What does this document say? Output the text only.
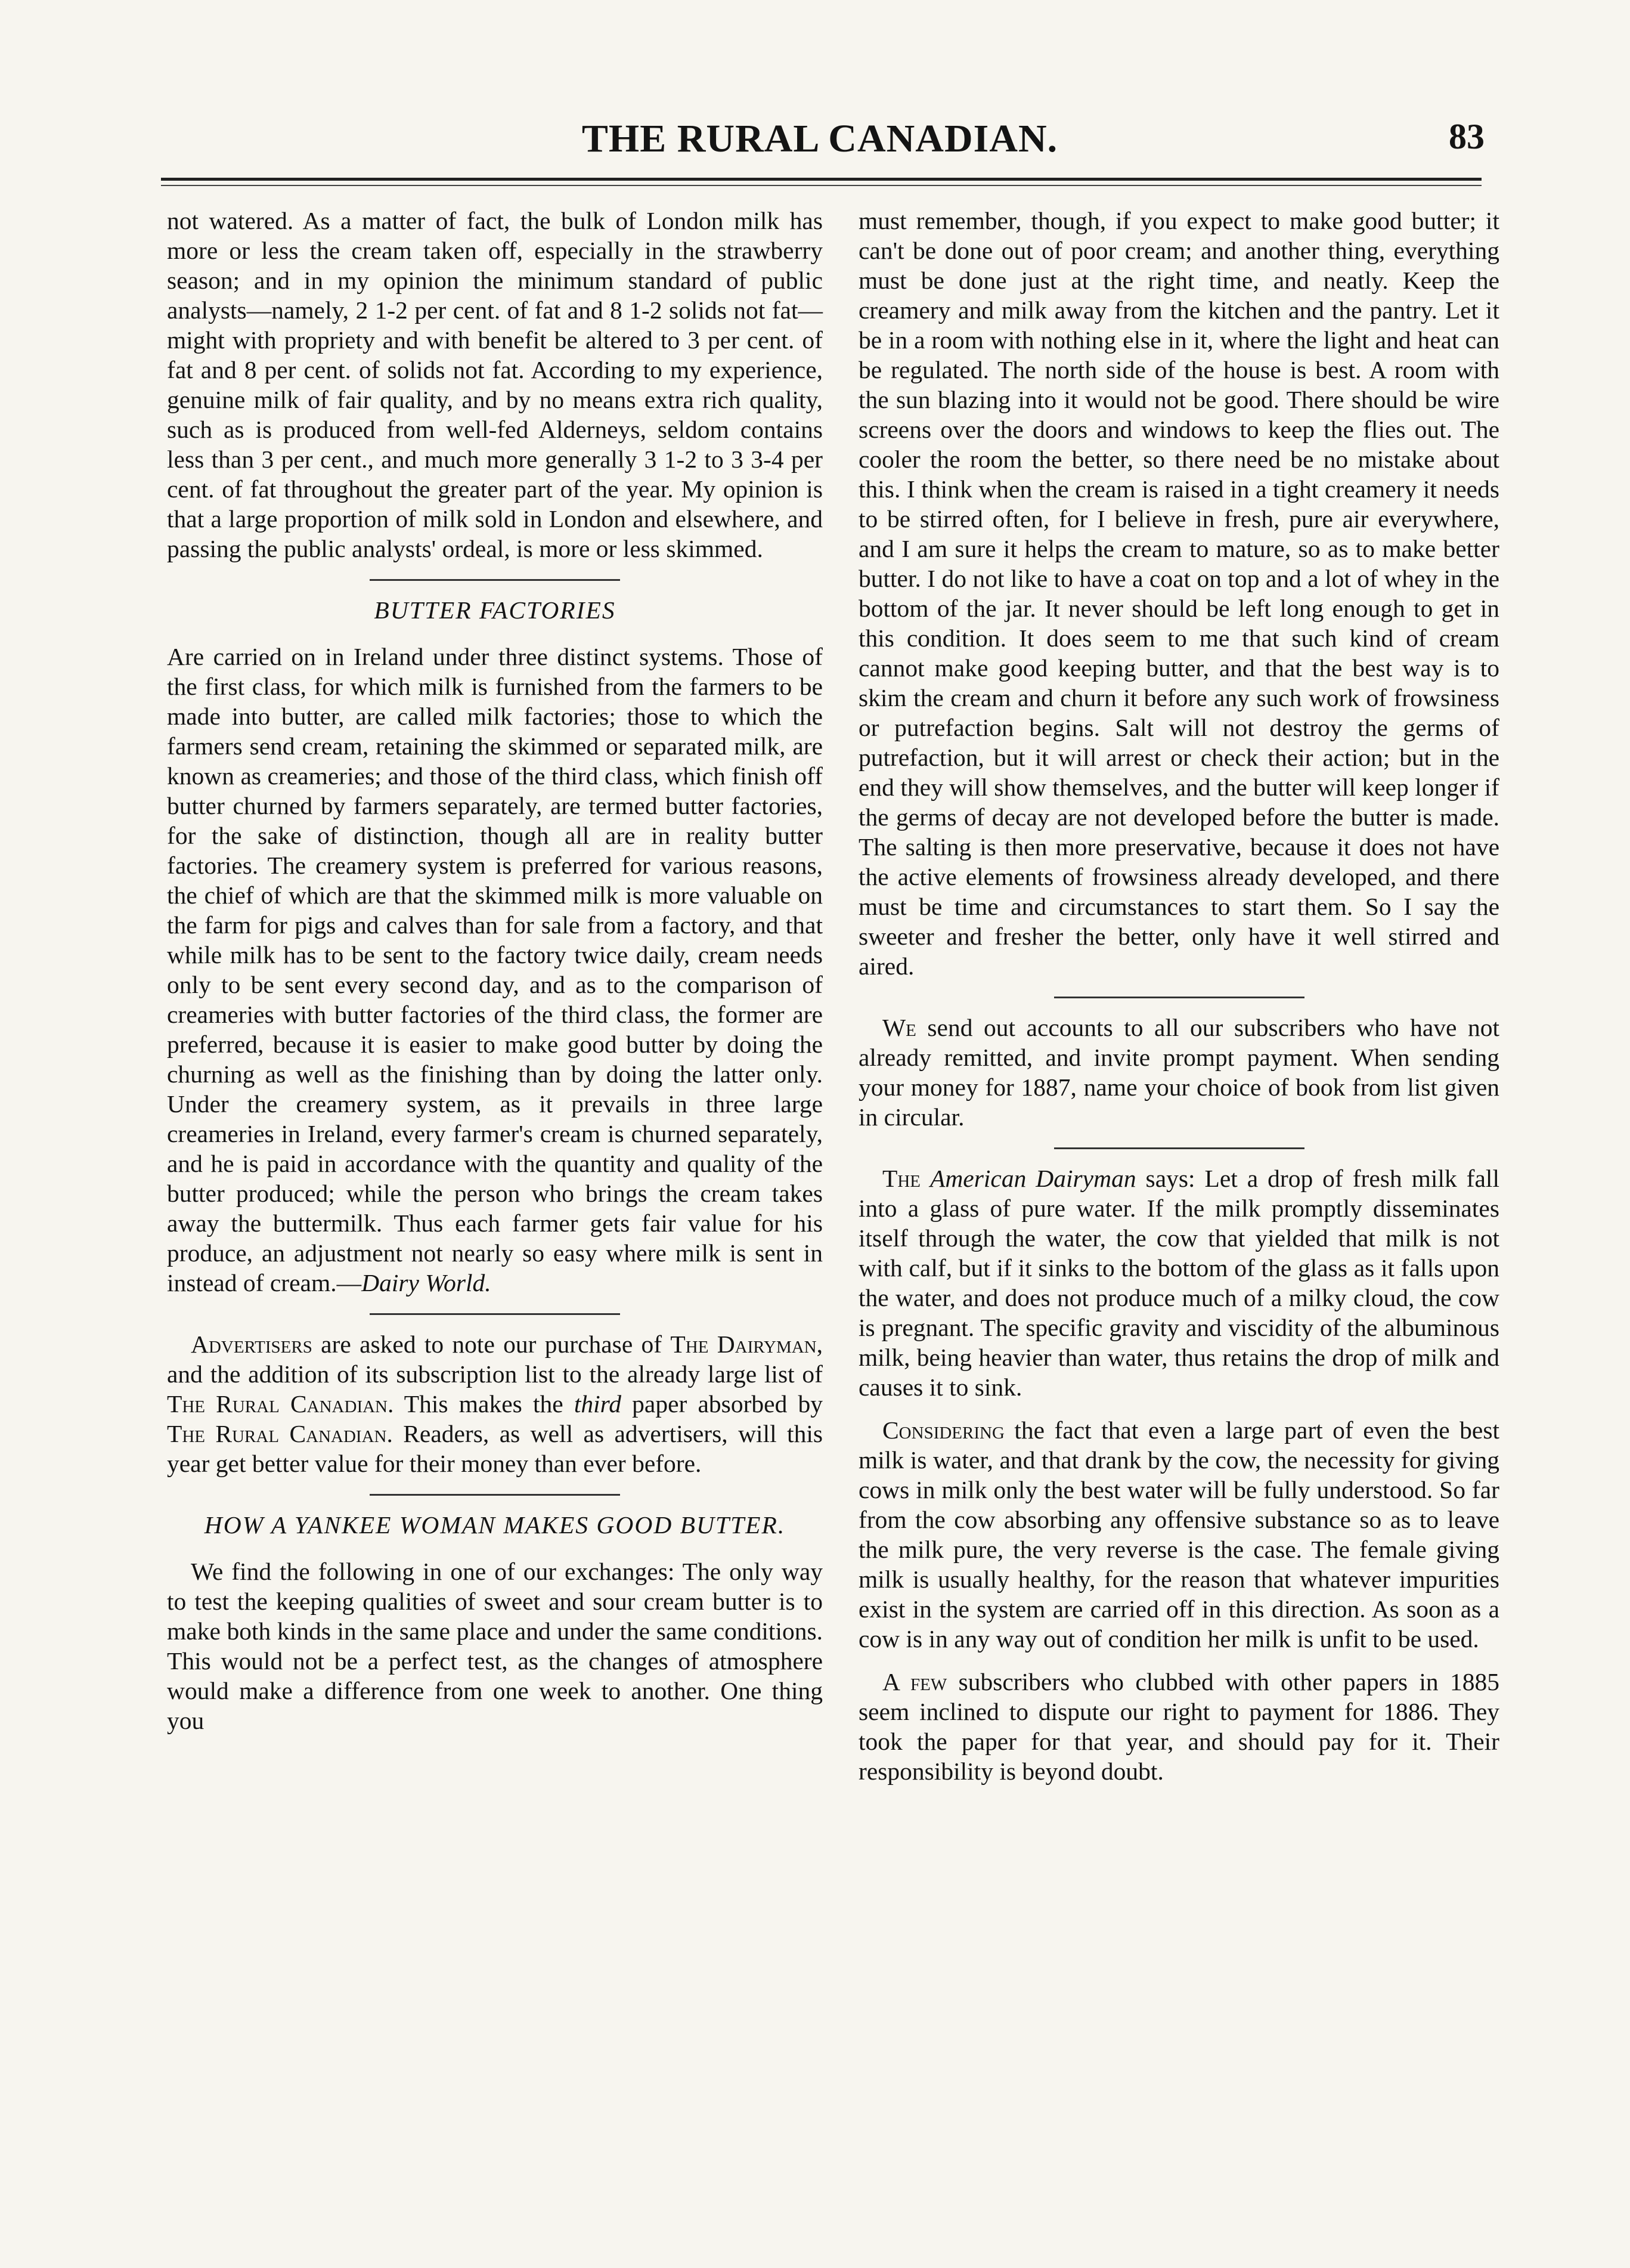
THE RURAL CANADIAN.	83

not watered. As a matter of fact, the bulk of London milk has more or less the cream taken off, especially in the strawberry season; and in my opinion the minimum standard of public analysts—namely, 2 1-2 per cent. of fat and 8 1-2 solids not fat—might with propriety and with benefit be altered to 3 per cent. of fat and 8 per cent. of solids not fat. According to my experience, genuine milk of fair quality, and by no means extra rich quality, such as is produced from well-fed Alderneys, seldom contains less than 3 per cent., and much more generally 3 1-2 to 3 3-4 per cent. of fat throughout the greater part of the year. My opinion is that a large proportion of milk sold in London and elsewhere, and passing the public analysts' ordeal, is more or less skimmed.

BUTTER FACTORIES

Are carried on in Ireland under three distinct systems. Those of the first class, for which milk is furnished from the farmers to be made into butter, are called milk factories; those to which the farmers send cream, retaining the skimmed or separated milk, are known as creameries; and those of the third class, which finish off butter churned by farmers separately, are termed butter factories, for the sake of distinction, though all are in reality butter factories. The creamery system is preferred for various reasons, the chief of which are that the skimmed milk is more valuable on the farm for pigs and calves than for sale from a factory, and that while milk has to be sent to the factory twice daily, cream needs only to be sent every second day, and as to the comparison of creameries with butter factories of the third class, the former are preferred, because it is easier to make good butter by doing the churning as well as the finishing than by doing the latter only. Under the creamery system, as it prevails in three large creameries in Ireland, every farmer's cream is churned separately, and he is paid in accordance with the quantity and quality of the butter produced; while the person who brings the cream takes away the buttermilk. Thus each farmer gets fair value for his produce, an adjustment not nearly so easy where milk is sent in instead of cream.—Dairy World.

Advertisers are asked to note our purchase of The Dairyman, and the addition of its subscription list to the already large list of The Rural Canadian. This makes the third paper absorbed by The Rural Canadian. Readers, as well as advertisers, will this year get better value for their money than ever before.

HOW A YANKEE WOMAN MAKES GOOD BUTTER.

We find the following in one of our exchanges: The only way to test the keeping qualities of sweet and sour cream butter is to make both kinds in the same place and under the same conditions. This would not be a perfect test, as the changes of atmosphere would make a difference from one week to another. One thing you

must remember, though, if you expect to make good butter; it can't be done out of poor cream; and another thing, everything must be done just at the right time, and neatly. Keep the creamery and milk away from the kitchen and the pantry. Let it be in a room with nothing else in it, where the light and heat can be regulated. The north side of the house is best. A room with the sun blazing into it would not be good. There should be wire screens over the doors and windows to keep the flies out. The cooler the room the better, so there need be no mistake about this. I think when the cream is raised in a tight creamery it needs to be stirred often, for I believe in fresh, pure air everywhere, and I am sure it helps the cream to mature, so as to make better butter. I do not like to have a coat on top and a lot of whey in the bottom of the jar. It never should be left long enough to get in this condition. It does seem to me that such kind of cream cannot make good keeping butter, and that the best way is to skim the cream and churn it before any such work of frowsiness or putrefaction begins. Salt will not destroy the germs of putrefaction, but it will arrest or check their action; but in the end they will show themselves, and the butter will keep longer if the germs of decay are not developed before the butter is made. The salting is then more preservative, because it does not have the active elements of frowsiness already developed, and there must be time and circumstances to start them. So I say the sweeter and fresher the better, only have it well stirred and aired.

We send out accounts to all our subscribers who have not already remitted, and invite prompt payment. When sending your money for 1887, name your choice of book from list given in circular.

The American Dairyman says: Let a drop of fresh milk fall into a glass of pure water. If the milk promptly disseminates itself through the water, the cow that yielded that milk is not with calf, but if it sinks to the bottom of the glass as it falls upon the water, and does not produce much of a milky cloud, the cow is pregnant. The specific gravity and viscidity of the albuminous milk, being heavier than water, thus retains the drop of milk and causes it to sink.

Considering the fact that even a large part of even the best milk is water, and that drank by the cow, the necessity for giving cows in milk only the best water will be fully understood. So far from the cow absorbing any offensive substance so as to leave the milk pure, the very reverse is the case. The female giving milk is usually healthy, for the reason that whatever impurities exist in the system are carried off in this direction. As soon as a cow is in any way out of condition her milk is unfit to be used.

A few subscribers who clubbed with other papers in 1885 seem inclined to dispute our right to payment for 1886. They took the paper for that year, and should pay for it. Their responsibility is beyond doubt.
